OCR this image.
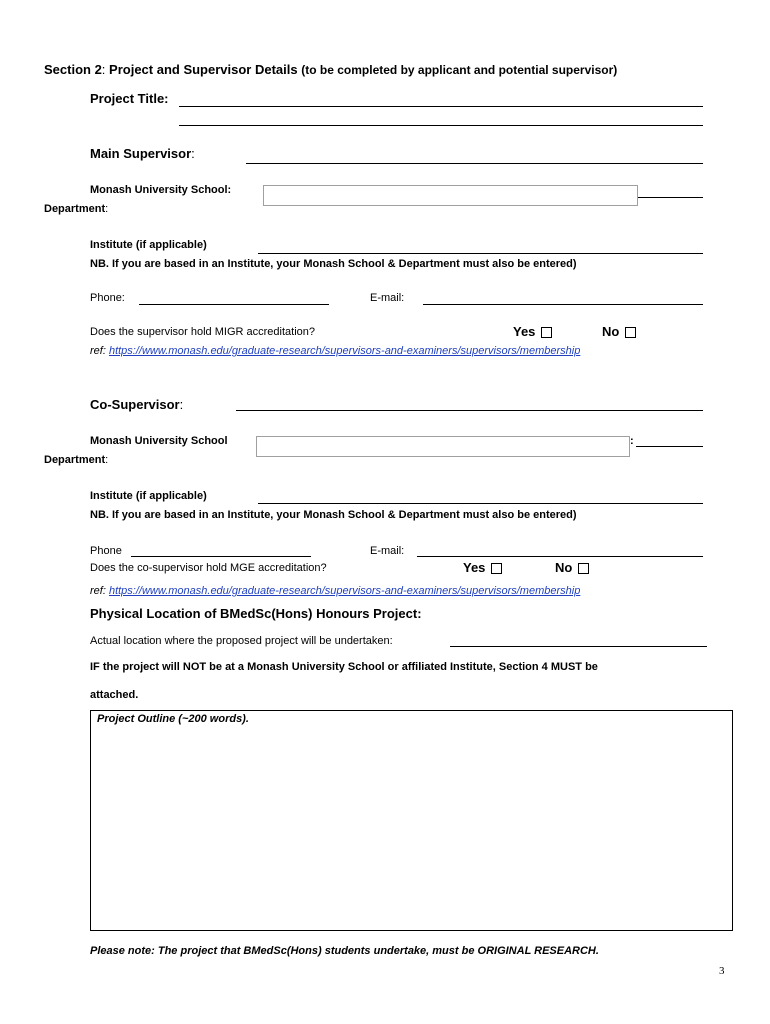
Section 2: Project and Supervisor Details (to be completed by applicant and potential supervisor)
Project Title:
Main Supervisor:
Monash University School:
Department:
Institute (if applicable)
NB. If you are based in an Institute, your Monash School & Department must also be entered)
Phone:	E-mail:
Does the supervisor hold MIGR accreditation?	Yes	No
ref: https://www.monash.edu/graduate-research/supervisors-and-examiners/supervisors/membership
Co-Supervisor:
Monash University School	:
Department:
Institute (if applicable)
NB. If you are based in an Institute, your Monash School & Department must also be entered)
Phone	E-mail:
Does the co-supervisor hold MGE accreditation?	Yes	No
ref: https://www.monash.edu/graduate-research/supervisors-and-examiners/supervisors/membership
Physical Location of BMedSc(Hons) Honours Project:
Actual location where the proposed project will be undertaken:
IF the project will NOT be at a Monash University School or affiliated Institute, Section 4 MUST be
attached.
Project Outline (~200 words).
Please note: The project that BMedSc(Hons) students undertake, must be ORIGINAL RESEARCH.
3
